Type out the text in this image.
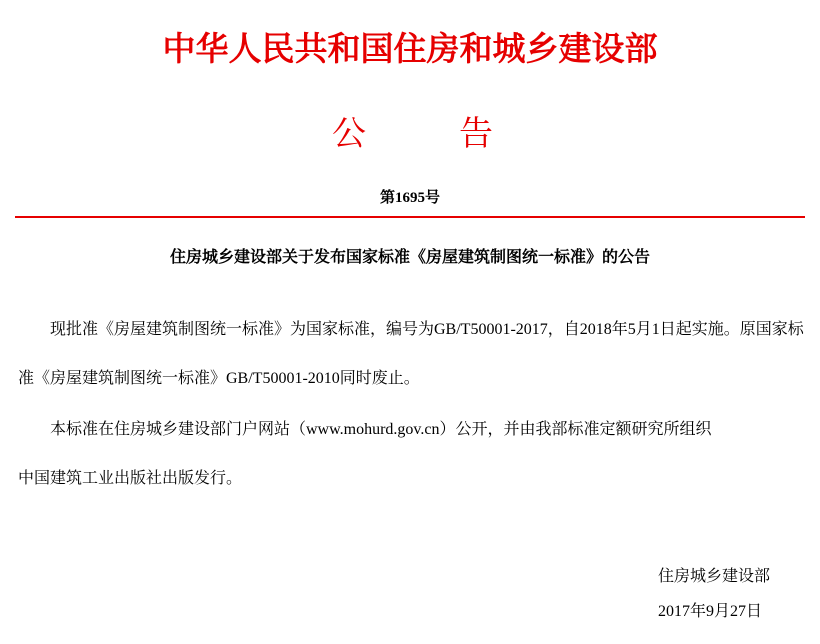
中华人民共和国住房和城乡建设部
公告
第1695号
住房城乡建设部关于发布国家标准《房屋建筑制图统一标准》的公告
现批准《房屋建筑制图统一标准》为国家标准，编号为GB/T50001-2017，自2018年5月1日起实施。原国家标
准《房屋建筑制图统一标准》GB/T50001-2010同时废止。
本标准在住房城乡建设部门户网站（www.mohurd.gov.cn）公开，并由我部标准定额研究所组织
中国建筑工业出版社出版发行。
住房城乡建设部
2017年9月27日
